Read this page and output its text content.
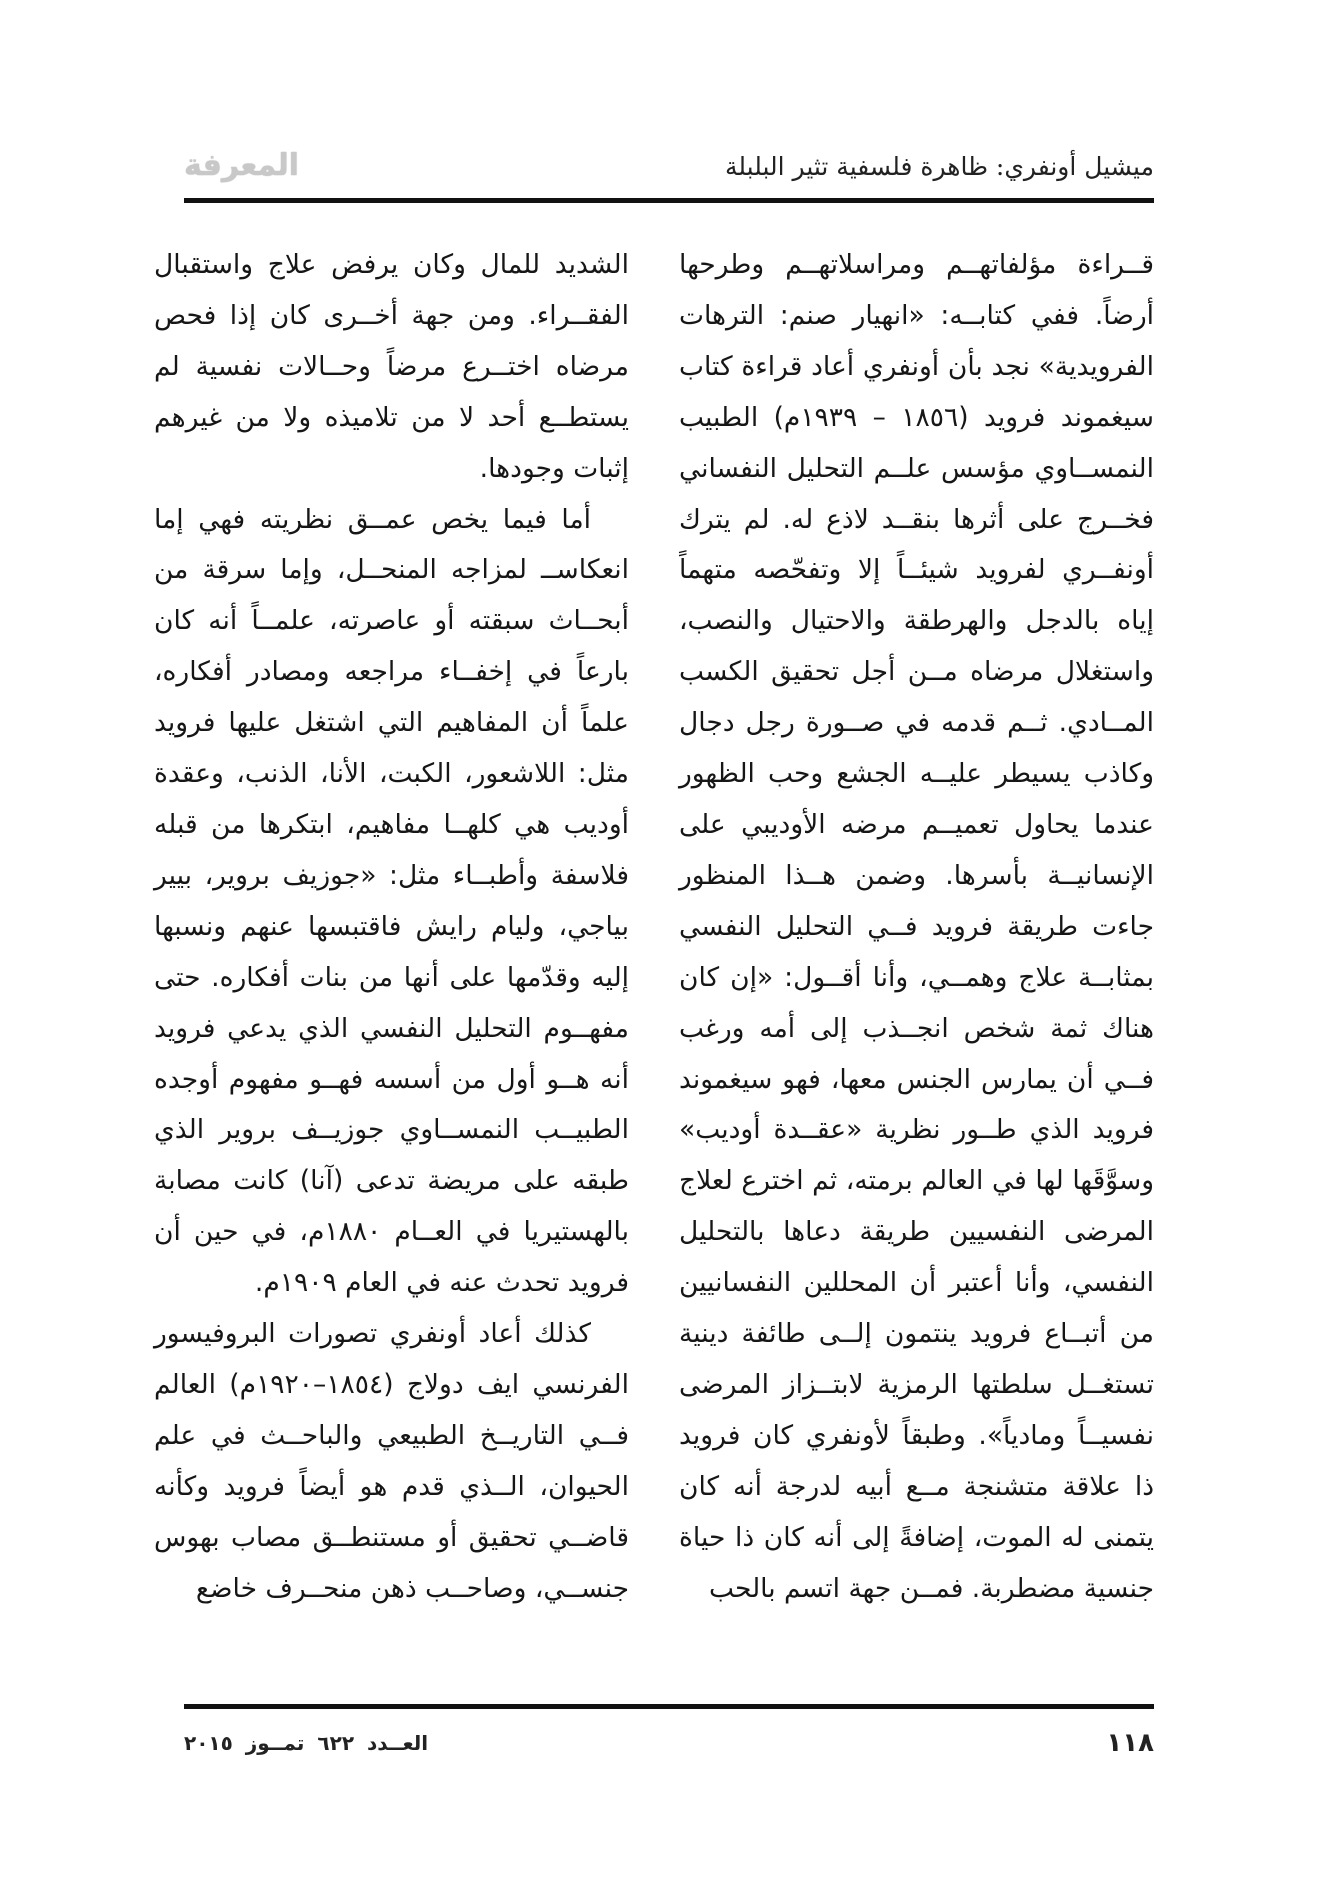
ميشيل أونفري: ظاهرة فلسفية تثير البلبلة
المعرفة

قــراءة مؤلفاتهــم ومراسلاتهــم وطرحها أرضاً. ففي كتابــه: «انهيار صنم: الترهات الفرويدية» نجد بأن أونفري أعاد قراءة كتاب سيغموند فرويد (١٨٥٦ – ١٩٣٩م) الطبيب النمســاوي مؤسس علــم التحليل النفساني فخــرج على أثرها بنقــد لاذع له. لم يترك أونفــري لفرويد شيئــاً إلا وتفحّصه متهماً إياه بالدجل والهرطقة والاحتيال والنصب، واستغلال مرضاه مــن أجل تحقيق الكسب المــادي. ثــم قدمه في صــورة رجل دجال وكاذب يسيطر عليــه الجشع وحب الظهور عندما يحاول تعميــم مرضه الأوديبي على الإنسانيــة بأسرها. وضمن هــذا المنظور جاءت طريقة فرويد فــي التحليل النفسي بمثابــة علاج وهمــي، وأنا أقــول: «إن كان هناك ثمة شخص انجــذب إلى أمه ورغب فــي أن يمارس الجنس معها، فهو سيغموند فرويد الذي طــور نظرية «عقــدة أوديب» وسوَّقَها لها في العالم برمته، ثم اخترع لعلاج المرضى النفسيين طريقة دعاها بالتحليل النفسي، وأنا أعتبر أن المحللين النفسانيين من أتبــاع فرويد ينتمون إلــى طائفة دينية تستغــل سلطتها الرمزية لابتــزاز المرضى نفسيــاً ومادياً». وطبقاً لأونفري كان فرويد ذا علاقة متشنجة مــع أبيه لدرجة أنه كان يتمنى له الموت، إضافةً إلى أنه كان ذا حياة جنسية مضطربة. فمــن جهة اتسم بالحب

الشديد للمال وكان يرفض علاج واستقبال الفقــراء. ومن جهة أخــرى كان إذا فحص مرضاه اختــرع مرضاً وحــالات نفسية لم يستطــع أحد لا من تلاميذه ولا من غيرهم إثبات وجودها.

أما فيما يخص عمــق نظريته فهي إما انعكاســ لمزاجه المنحــل، وإما سرقة من أبحــاث سبقته أو عاصرته، علمــاً أنه كان بارعاً في إخفــاء مراجعه ومصادر أفكاره، علماً أن المفاهيم التي اشتغل عليها فرويد مثل: اللاشعور، الكبت، الأنا، الذنب، وعقدة أوديب هي كلهــا مفاهيم، ابتكرها من قبله فلاسفة وأطبــاء مثل: «جوزيف بروير، بيير بياجي، وليام رايش فاقتبسها عنهم ونسبها إليه وقدّمها على أنها من بنات أفكاره. حتى مفهــوم التحليل النفسي الذي يدعي فرويد أنه هــو أول من أسسه فهــو مفهوم أوجده الطبيــب النمســاوي جوزيــف بروير الذي طبقه على مريضة تدعى (آنا) كانت مصابة بالهستيريا في العــام ١٨٨٠م، في حين أن فرويد تحدث عنه في العام ١٩٠٩م.

كذلك أعاد أونفري تصورات البروفيسور الفرنسي ايف دولاج (١٨٥٤–١٩٢٠م) العالم فــي التاريــخ الطبيعي والباحــث في علم الحيوان، الــذي قدم هو أيضاً فرويد وكأنه قاضــي تحقيق أو مستنطــق مصاب بهوس جنســي، وصاحــب ذهن منحــرف خاضع

١١٨
العــدد ٦٢٢ تمــوز ٢٠١٥
